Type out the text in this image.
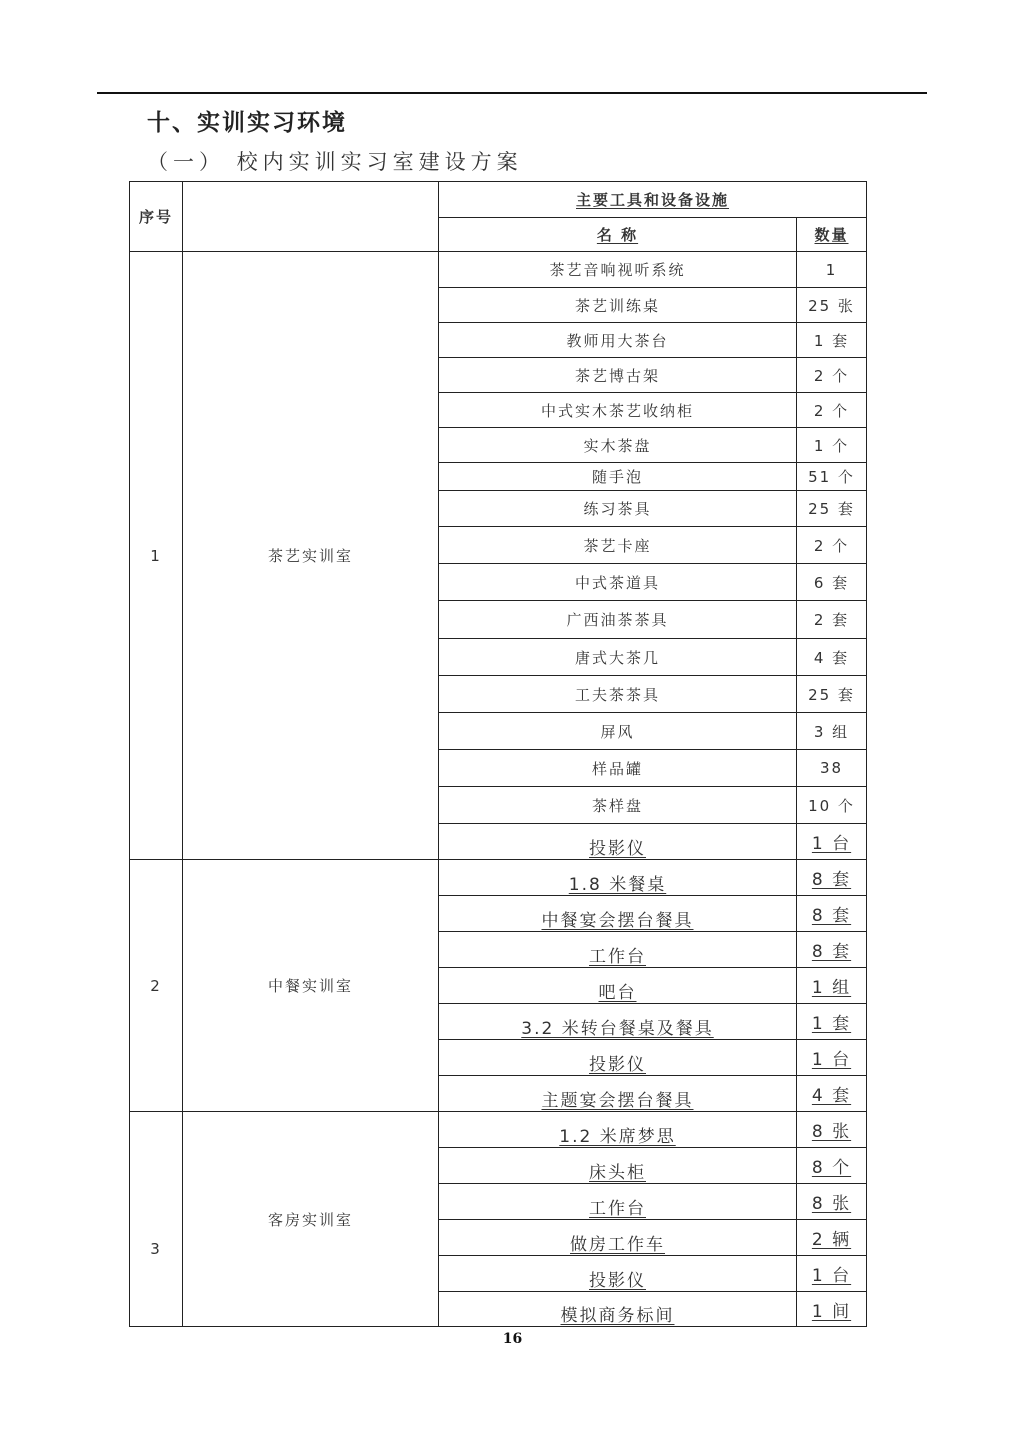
十、实训实习环境
（一） 校内实训实习室建设方案
序号		主要工具和设备设施	
		名 称	数量
1	茶艺实训室	茶艺音响视听系统	1
		茶艺训练桌	25 张
		教师用大茶台	1 套
		茶艺博古架	2 个
		中式实木茶艺收纳柜	2 个
		实木茶盘	1 个
		随手泡	51 个
		练习茶具	25 套
		茶艺卡座	2 个
		中式茶道具	6 套
		广西油茶茶具	2 套
		唐式大茶几	4 套
		工夫茶茶具	25 套
		屏风	3 组
		样品罐	38
		茶样盘	10 个
		投影仪	1 台
2	中餐实训室	1.8 米餐桌	8 套
		中餐宴会摆台餐具	8 套
		工作台	8 套
		吧台	1 组
		3.2 米转台餐桌及餐具	1 套
		投影仪	1 台
		主题宴会摆台餐具	4 套
3	客房实训室	1.2 米席梦思	8 张
		床头柜	8 个
		工作台	8 张
		做房工作车	2 辆
		投影仪	1 台
		模拟商务标间	1 间
16
